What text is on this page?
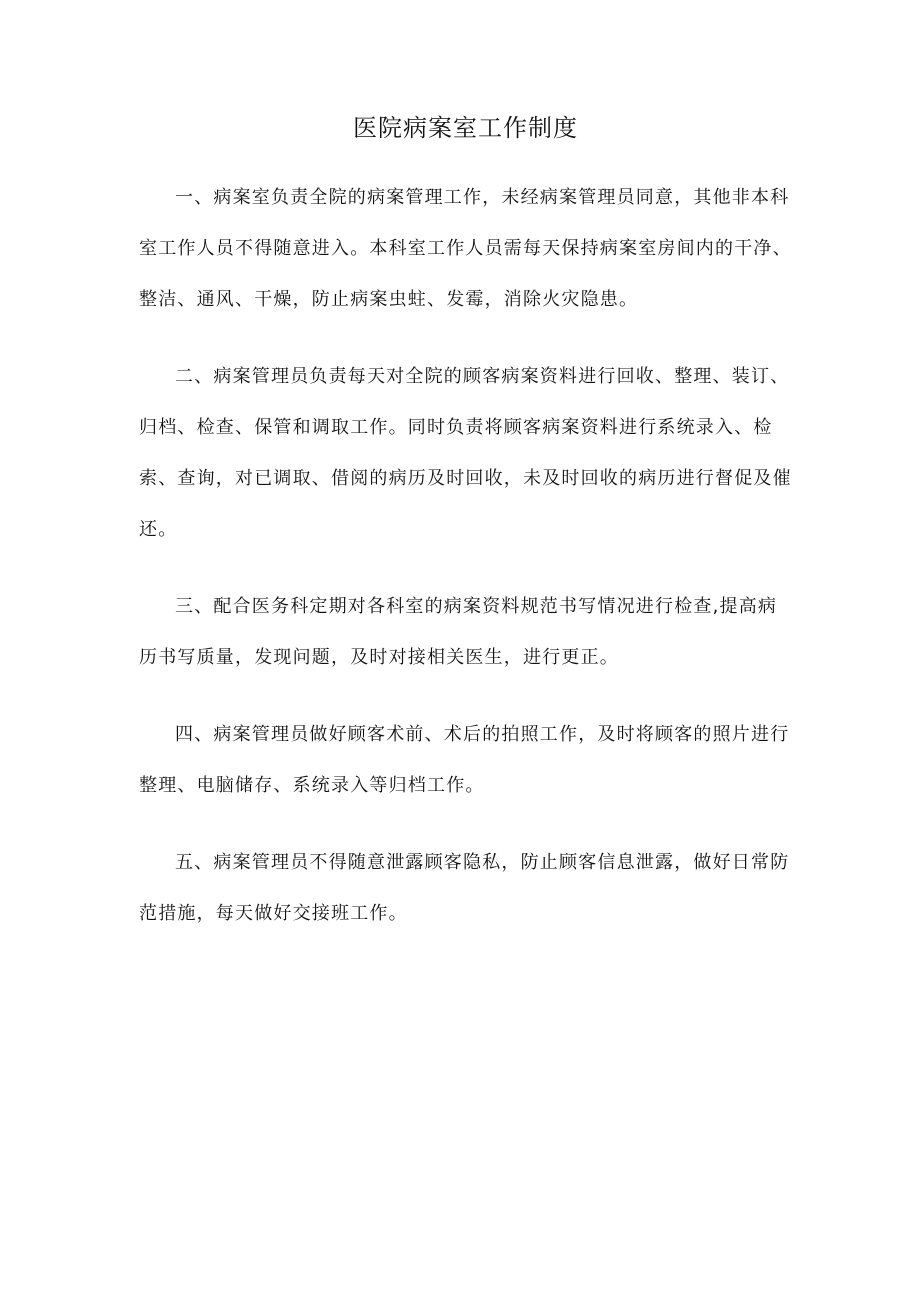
医院病案室工作制度

一、病案室负责全院的病案管理工作，未经病案管理员同意，其他非本科室工作人员不得随意进入。本科室工作人员需每天保持病案室房间内的干净、整洁、通风、干燥，防止病案虫蛀、发霉，消除火灾隐患。

二、病案管理员负责每天对全院的顾客病案资料进行回收、整理、装订、归档、检查、保管和调取工作。同时负责将顾客病案资料进行系统录入、检索、查询，对已调取、借阅的病历及时回收，未及时回收的病历进行督促及催还。

三、配合医务科定期对各科室的病案资料规范书写情况进行检查,提高病历书写质量，发现问题，及时对接相关医生，进行更正。

四、病案管理员做好顾客术前、术后的拍照工作，及时将顾客的照片进行整理、电脑储存、系统录入等归档工作。

五、病案管理员不得随意泄露顾客隐私，防止顾客信息泄露，做好日常防范措施，每天做好交接班工作。
